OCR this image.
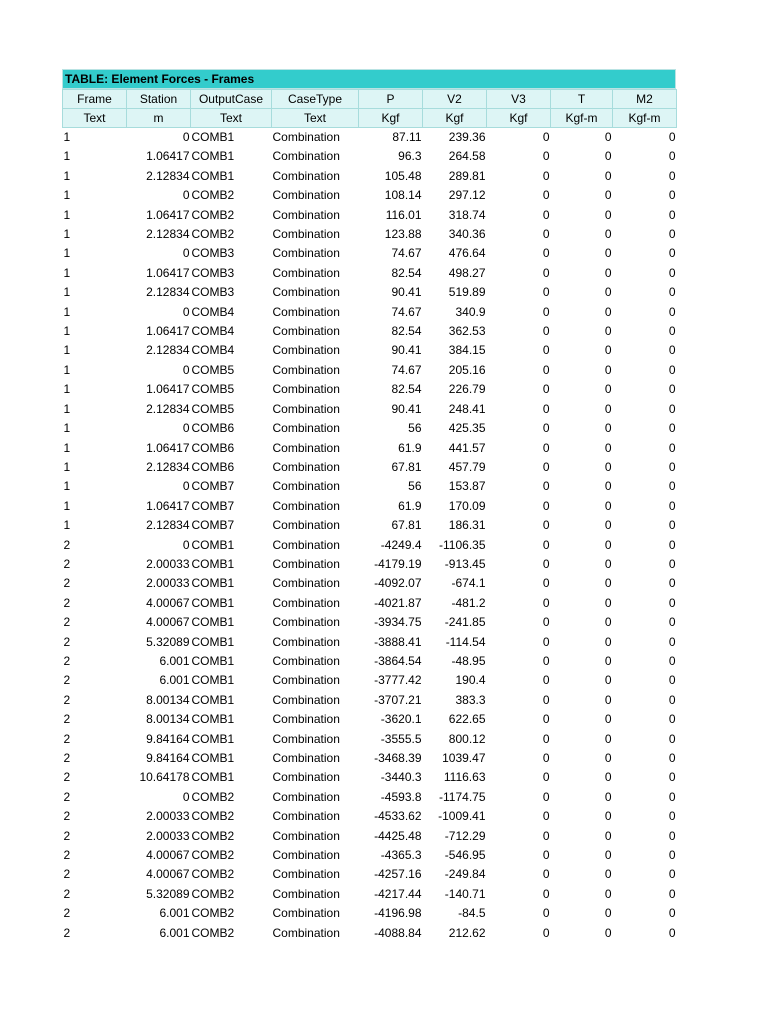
TABLE: Element Forces - Frames
Frame	Station	OutputCase	CaseType	P	V2	V3	T	M2
Text	m	Text	Text	Kgf	Kgf	Kgf	Kgf-m	Kgf-m
1	0	COMB1	Combination	87.11	239.36	0	0	0
1	1.06417	COMB1	Combination	96.3	264.58	0	0	0
1	2.12834	COMB1	Combination	105.48	289.81	0	0	0
1	0	COMB2	Combination	108.14	297.12	0	0	0
1	1.06417	COMB2	Combination	116.01	318.74	0	0	0
1	2.12834	COMB2	Combination	123.88	340.36	0	0	0
1	0	COMB3	Combination	74.67	476.64	0	0	0
1	1.06417	COMB3	Combination	82.54	498.27	0	0	0
1	2.12834	COMB3	Combination	90.41	519.89	0	0	0
1	0	COMB4	Combination	74.67	340.9	0	0	0
1	1.06417	COMB4	Combination	82.54	362.53	0	0	0
1	2.12834	COMB4	Combination	90.41	384.15	0	0	0
1	0	COMB5	Combination	74.67	205.16	0	0	0
1	1.06417	COMB5	Combination	82.54	226.79	0	0	0
1	2.12834	COMB5	Combination	90.41	248.41	0	0	0
1	0	COMB6	Combination	56	425.35	0	0	0
1	1.06417	COMB6	Combination	61.9	441.57	0	0	0
1	2.12834	COMB6	Combination	67.81	457.79	0	0	0
1	0	COMB7	Combination	56	153.87	0	0	0
1	1.06417	COMB7	Combination	61.9	170.09	0	0	0
1	2.12834	COMB7	Combination	67.81	186.31	0	0	0
2	0	COMB1	Combination	-4249.4	-1106.35	0	0	0
2	2.00033	COMB1	Combination	-4179.19	-913.45	0	0	0
2	2.00033	COMB1	Combination	-4092.07	-674.1	0	0	0
2	4.00067	COMB1	Combination	-4021.87	-481.2	0	0	0
2	4.00067	COMB1	Combination	-3934.75	-241.85	0	0	0
2	5.32089	COMB1	Combination	-3888.41	-114.54	0	0	0
2	6.001	COMB1	Combination	-3864.54	-48.95	0	0	0
2	6.001	COMB1	Combination	-3777.42	190.4	0	0	0
2	8.00134	COMB1	Combination	-3707.21	383.3	0	0	0
2	8.00134	COMB1	Combination	-3620.1	622.65	0	0	0
2	9.84164	COMB1	Combination	-3555.5	800.12	0	0	0
2	9.84164	COMB1	Combination	-3468.39	1039.47	0	0	0
2	10.64178	COMB1	Combination	-3440.3	1116.63	0	0	0
2	0	COMB2	Combination	-4593.8	-1174.75	0	0	0
2	2.00033	COMB2	Combination	-4533.62	-1009.41	0	0	0
2	2.00033	COMB2	Combination	-4425.48	-712.29	0	0	0
2	4.00067	COMB2	Combination	-4365.3	-546.95	0	0	0
2	4.00067	COMB2	Combination	-4257.16	-249.84	0	0	0
2	5.32089	COMB2	Combination	-4217.44	-140.71	0	0	0
2	6.001	COMB2	Combination	-4196.98	-84.5	0	0	0
2	6.001	COMB2	Combination	-4088.84	212.62	0	0	0
